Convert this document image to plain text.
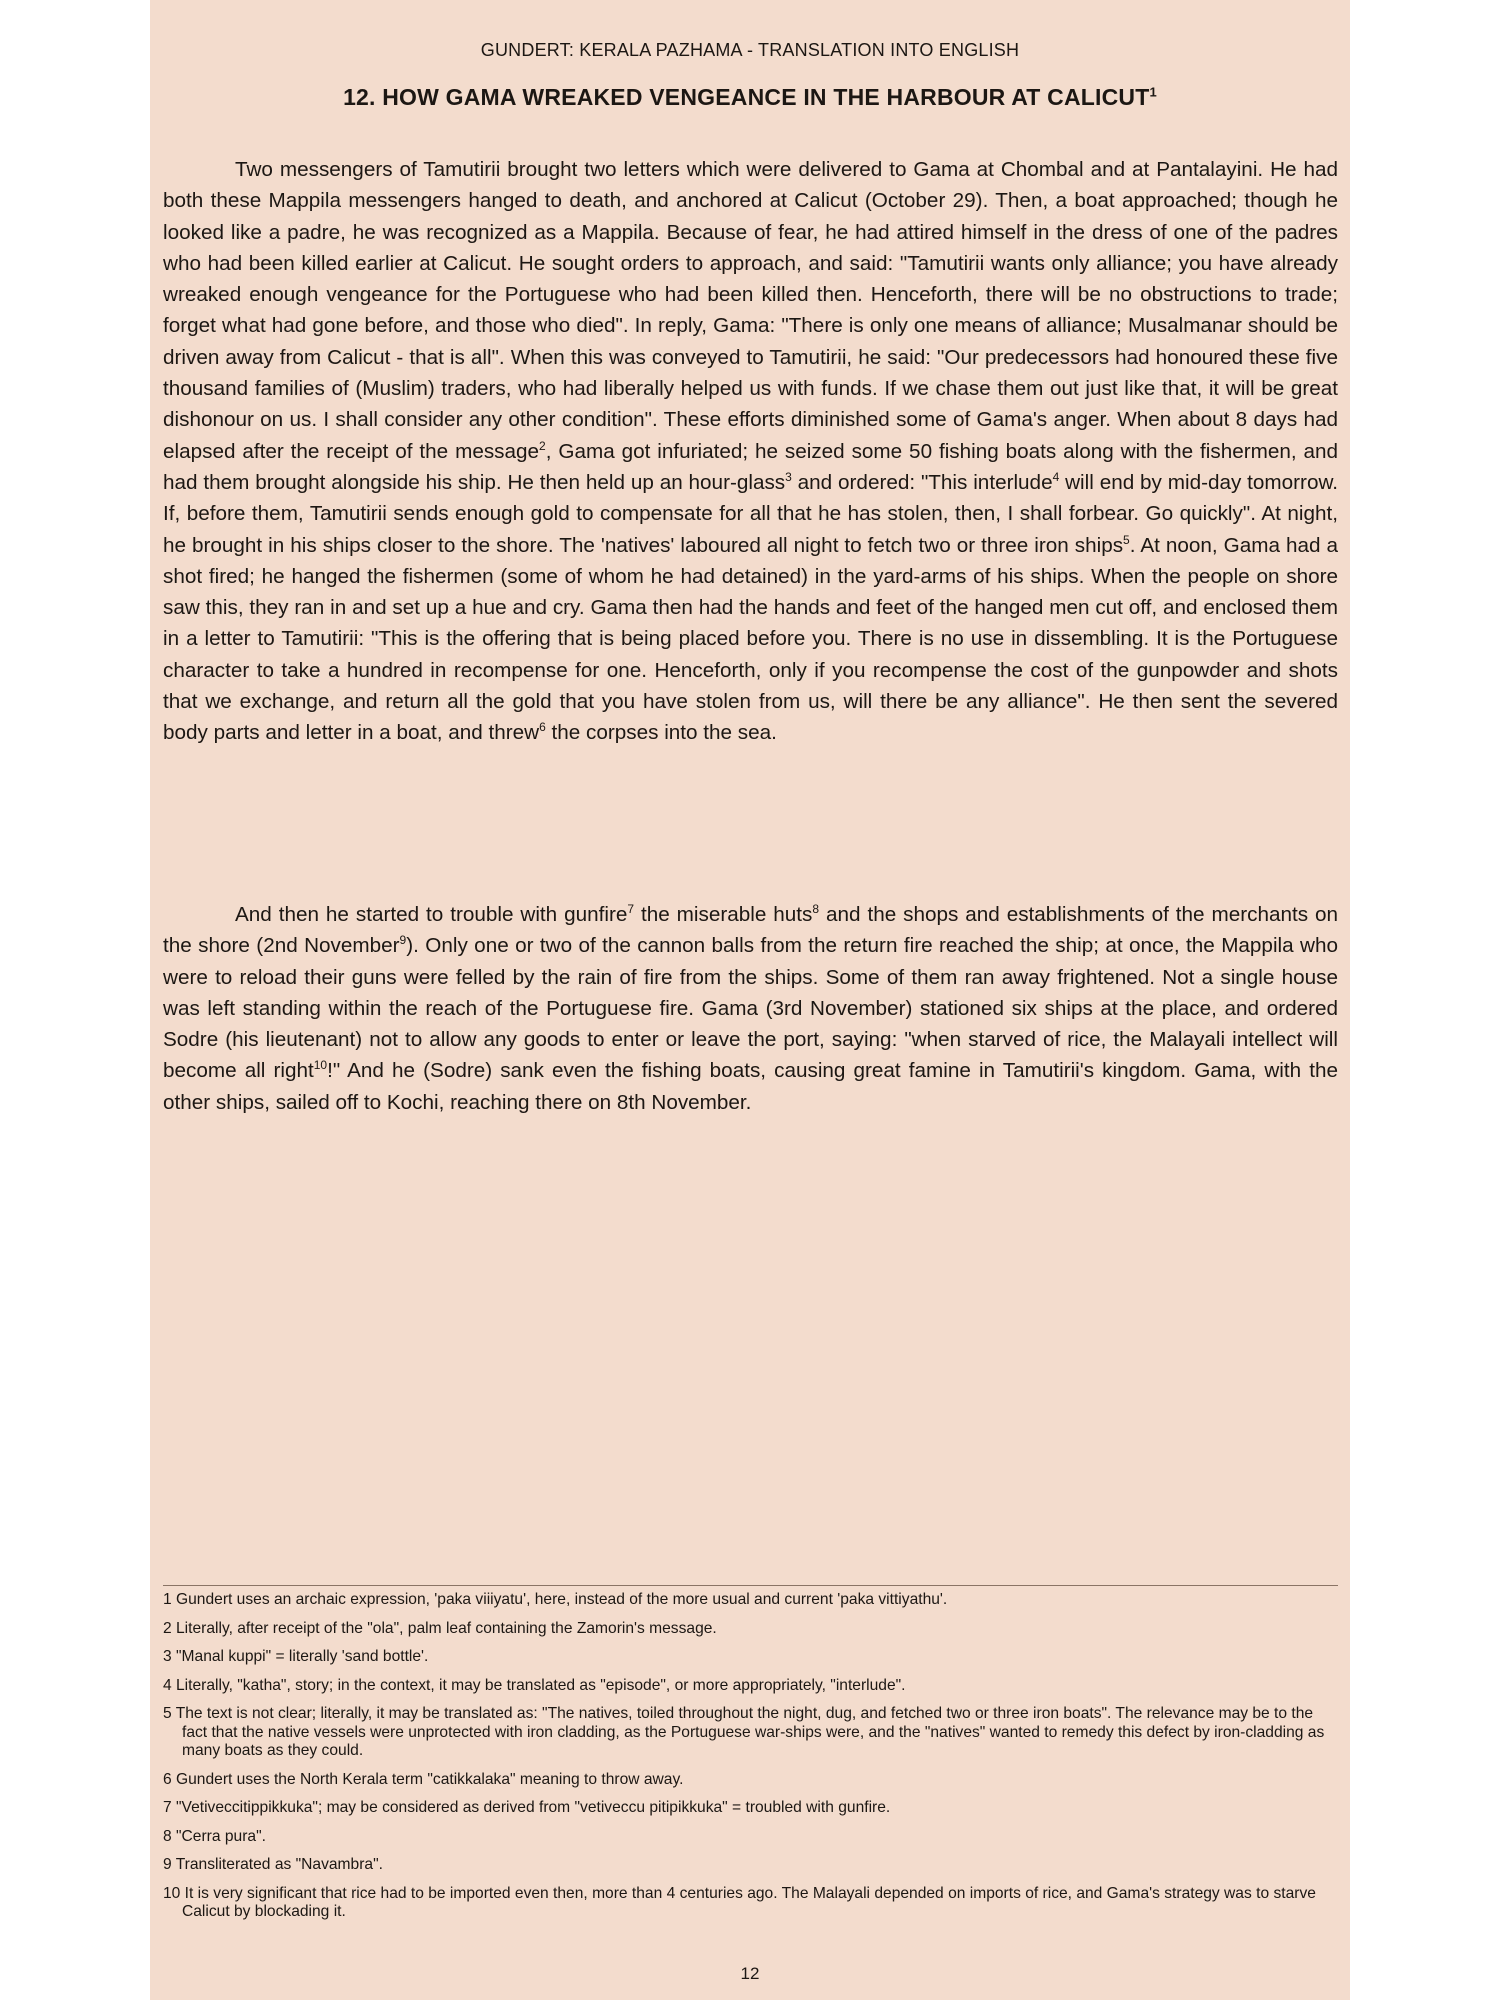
GUNDERT: KERALA PAZHAMA - TRANSLATION INTO ENGLISH
12. HOW GAMA WREAKED VENGEANCE IN THE HARBOUR AT CALICUT$^1$

Two messengers of Tamutirii brought two letters which were delivered to Gama at Chombal and at Pantalayini. He had both these Mappila messengers hanged to death, and anchored at Calicut (October 29). Then, a boat approached; though he looked like a padre, he was recognized as a Mappila. Because of fear, he had attired himself in the dress of one of the padres who had been killed earlier at Calicut. He sought orders to approach, and said: "Tamutirii wants only alliance; you have already wreaked enough vengeance for the Portuguese who had been killed then. Henceforth, there will be no obstructions to trade; forget what had gone before, and those who died". In reply, Gama: "There is only one means of alliance; Musalmanar should be driven away from Calicut - that is all". When this was conveyed to Tamutirii, he said: "Our predecessors had honoured these five thousand families of (Muslim) traders, who had liberally helped us with funds. If we chase them out just like that, it will be great dishonour on us. I shall consider any other condition". These efforts diminished some of Gama's anger. When about 8 days had elapsed after the receipt of the message$^2$, Gama got infuriated; he seized some 50 fishing boats along with the fishermen, and had them brought alongside his ship. He then held up an hour-glass$^3$ and ordered: "This interlude$^4$ will end by mid-day tomorrow. If, before them, Tamutirii sends enough gold to compensate for all that he has stolen, then, I shall forbear. Go quickly". At night, he brought in his ships closer to the shore. The 'natives' laboured all night to fetch two or three iron ships$^5$. At noon, Gama had a shot fired; he hanged the fishermen (some of whom he had detained) in the yard-arms of his ships. When the people on shore saw this, they ran in and set up a hue and cry. Gama then had the hands and feet of the hanged men cut off, and enclosed them in a letter to Tamutirii: "This is the offering that is being placed before you. There is no use in dissembling. It is the Portuguese character to take a hundred in recompense for one. Henceforth, only if you recompense the cost of the gunpowder and shots that we exchange, and return all the gold that you have stolen from us, will there be any alliance". He then sent the severed body parts and letter in a boat, and threw$^6$ the corpses into the sea.

And then he started to trouble with gunfire$^7$ the miserable huts$^8$ and the shops and establishments of the merchants on the shore (2nd November$^9$). Only one or two of the cannon balls from the return fire reached the ship; at once, the Mappila who were to reload their guns were felled by the rain of fire from the ships. Some of them ran away frightened. Not a single house was left standing within the reach of the Portuguese fire. Gama (3rd November) stationed six ships at the place, and ordered Sodre (his lieutenant) not to allow any goods to enter or leave the port, saying: "when starved of rice, the Malayali intellect will become all right$^{10}$!" And he (Sodre) sank even the fishing boats, causing great famine in Tamutirii's kingdom. Gama, with the other ships, sailed off to Kochi, reaching there on 8th November.

1 Gundert uses an archaic expression, 'paka viiiyatu', here, instead of the more usual and current 'paka vittiyathu'.
2 Literally, after receipt of the "ola", palm leaf containing the Zamorin's message.
3 "Manal kuppi" = literally 'sand bottle'.
4 Literally, "katha", story; in the context, it may be translated as "episode", or more appropriately, "interlude".
5 The text is not clear; literally, it may be translated as: "The natives, toiled throughout the night, dug, and fetched two or three iron boats". The relevance may be to the fact that the native vessels were unprotected with iron cladding, as the Portuguese war-ships were, and the "natives" wanted to remedy this defect by iron-cladding as many boats as they could.
6 Gundert uses the North Kerala term "catikkalaka" meaning to throw away.
7 "Vetiveccitippikkuka"; may be considered as derived from "vetiveccu pitipikkuka" = troubled with gunfire.
8 "Cerra pura".
9 Transliterated as "Navambra".
10 It is very significant that rice had to be imported even then, more than 4 centuries ago. The Malayali depended on imports of rice, and Gama's strategy was to starve Calicut by blockading it.
12
